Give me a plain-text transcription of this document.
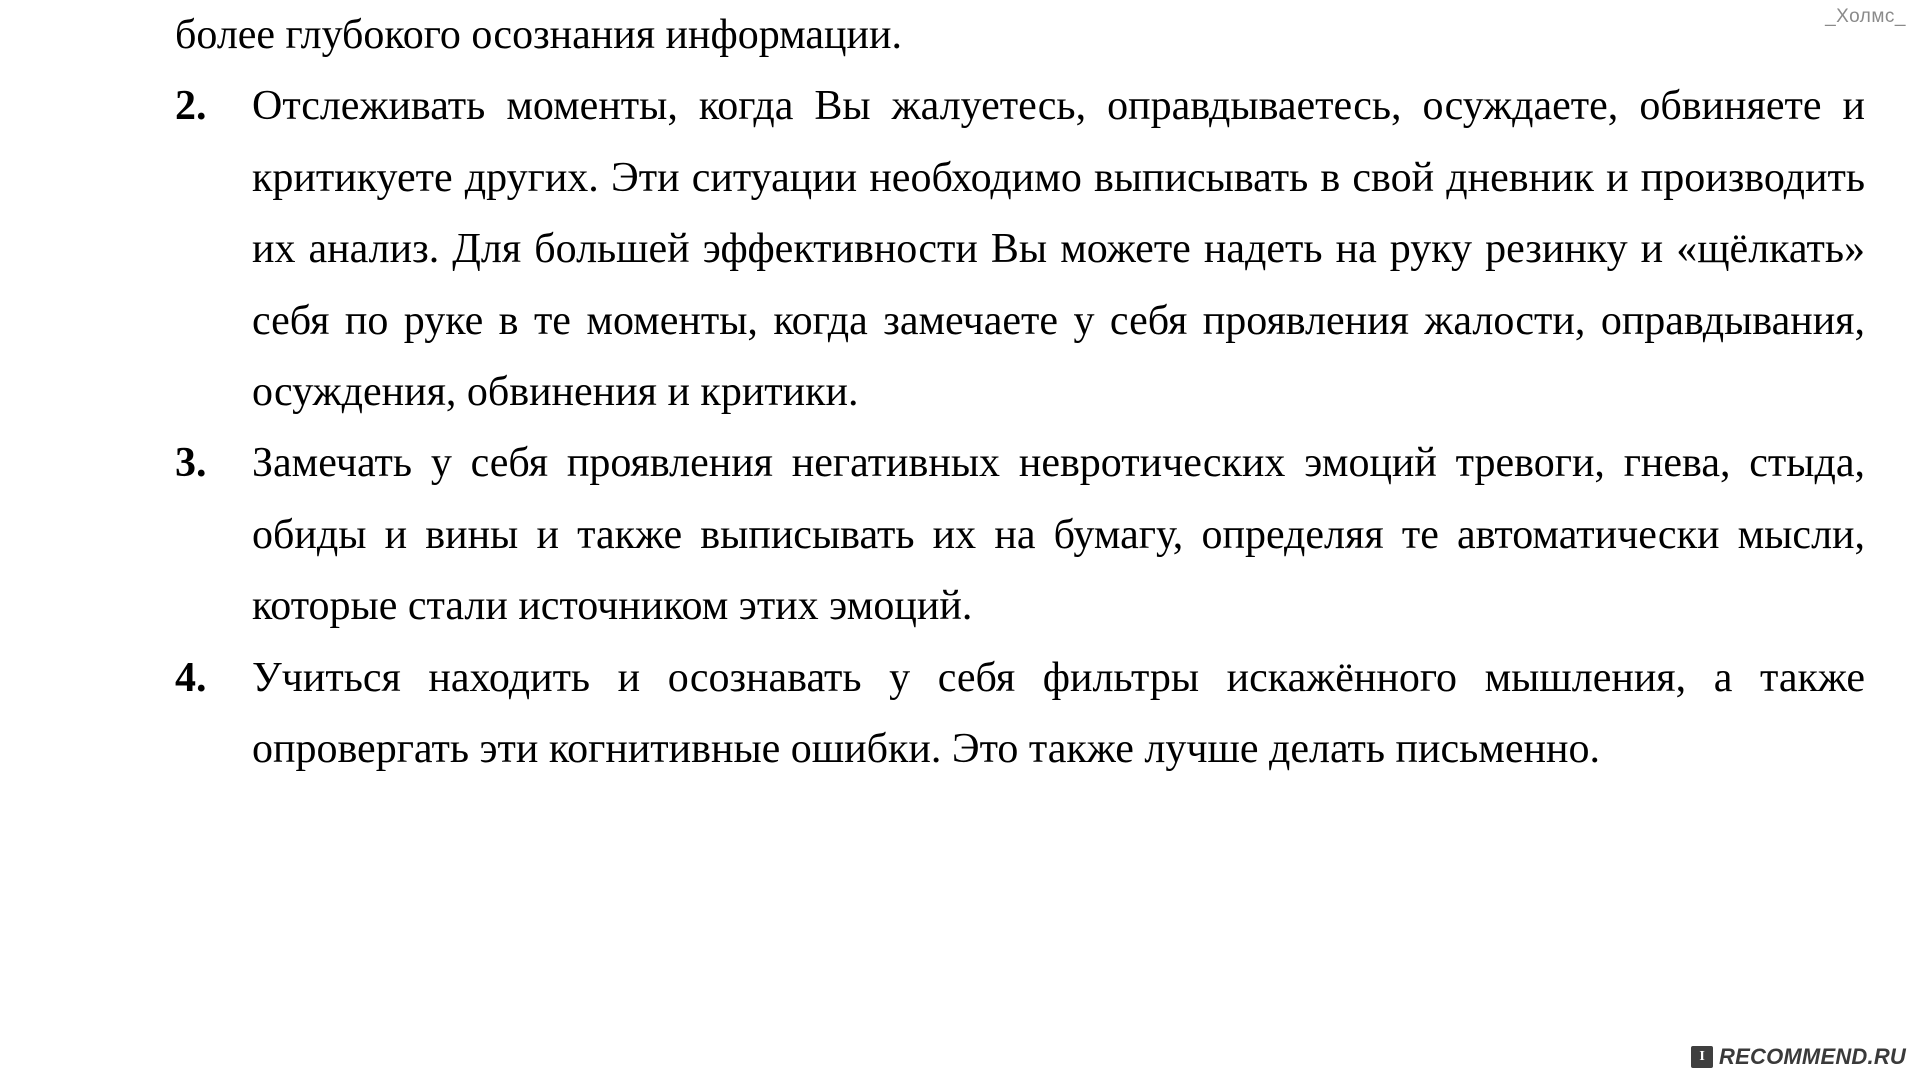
_Холмс_

более глубокого осознания информации.

2. Отслеживать моменты, когда Вы жалуетесь, оправдываетесь, осуждаете, обвиняете и критикуете других. Эти ситуации необходимо выписывать в свой дневник и производить их анализ. Для большей эффективности Вы можете надеть на руку резинку и «щёлкать» себя по руке в те моменты, когда замечаете у себя проявления жалости, оправдывания, осуждения, обвинения и критики.
3. Замечать у себя проявления негативных невротических эмоций тревоги, гнева, стыда, обиды и вины и также выписывать их на бумагу, определяя те автоматически мысли, которые стали источником этих эмоций.
4. Учиться находить и осознавать у себя фильтры искажённого мышления, а также опровергать эти когнитивные ошибки. Это также лучше делать письменно.
I RECOMMEND.RU
